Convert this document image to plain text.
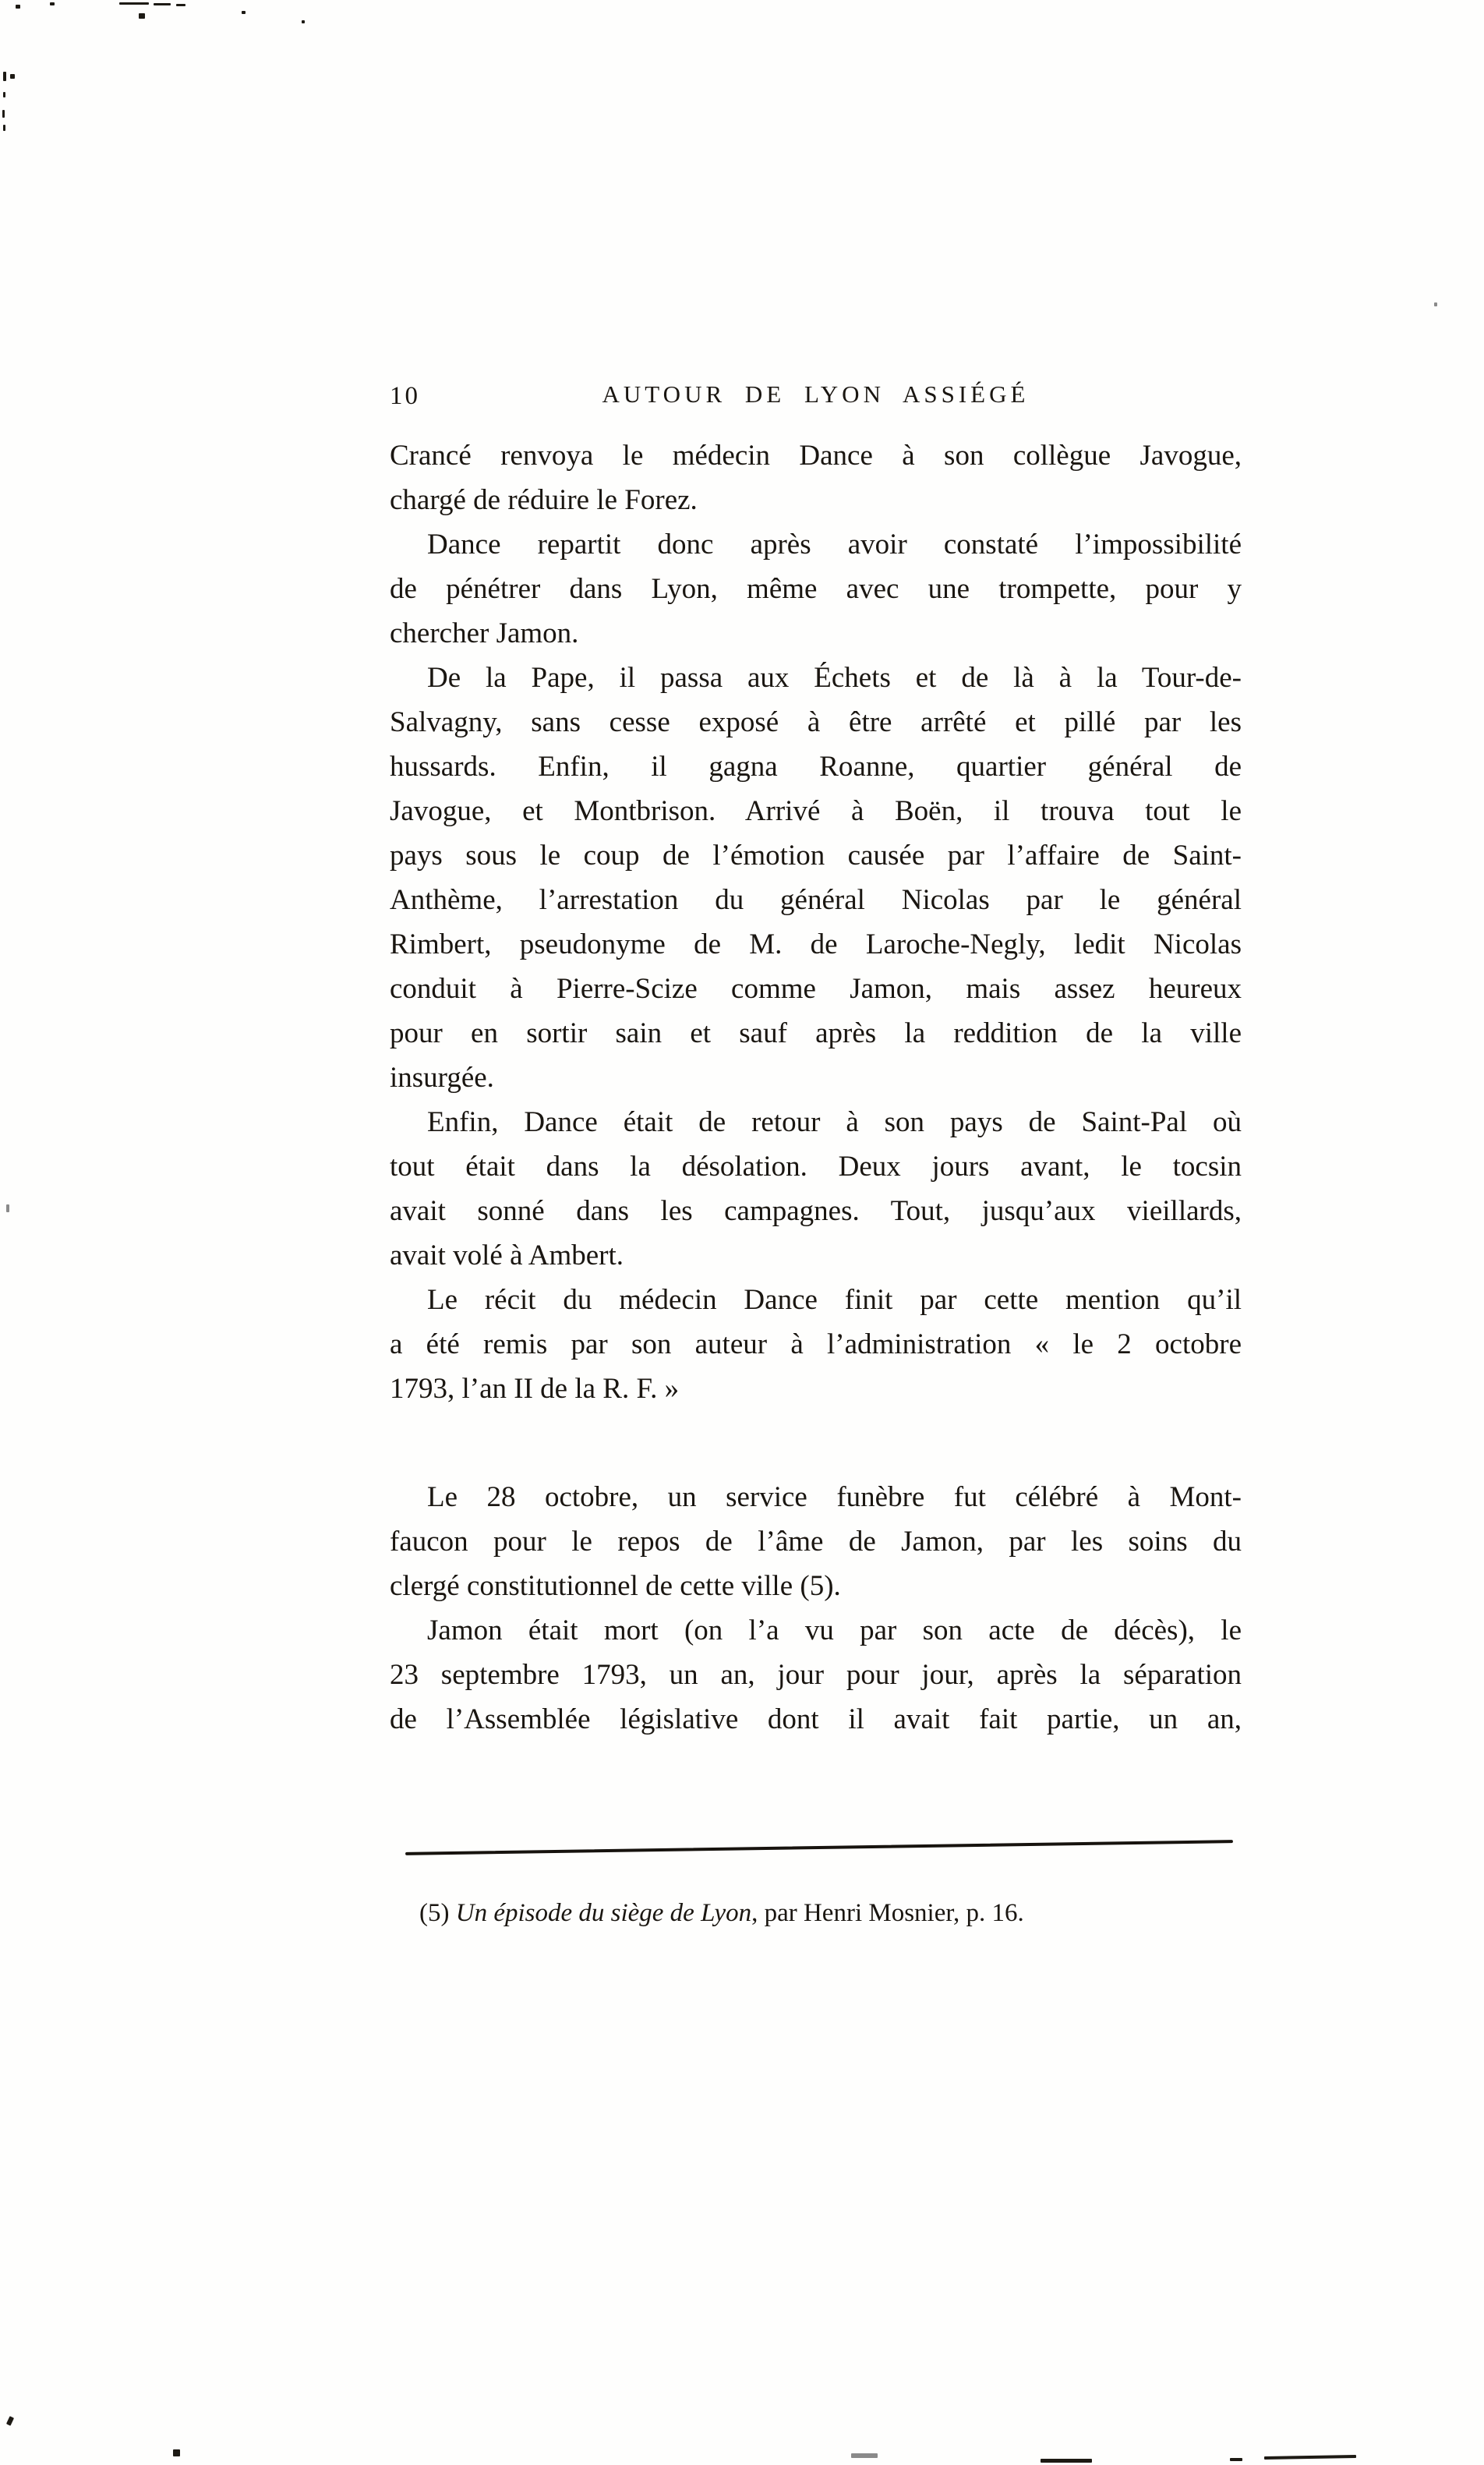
10	AUTOUR DE LYON ASSIÉGÉ
Crancé renvoya le médecin Dance à son collègue Javogue,
chargé de réduire le Forez.
Dance repartit donc après avoir constaté l’impossibilité
de pénétrer dans Lyon, même avec une trompette, pour y
chercher Jamon.
De la Pape, il passa aux Échets et de là à la Tour-de-
Salvagny, sans cesse exposé à être arrêté et pillé par les
hussards. Enfin, il gagna Roanne, quartier général de
Javogue, et Montbrison. Arrivé à Boën, il trouva tout le
pays sous le coup de l’émotion causée par l’affaire de Saint-
Anthème, l’arrestation du général Nicolas par le général
Rimbert, pseudonyme de M. de Laroche-Negly, ledit Nicolas
conduit à Pierre-Scize comme Jamon, mais assez heureux
pour en sortir sain et sauf après la reddition de la ville
insurgée.
Enfin, Dance était de retour à son pays de Saint-Pal où
tout était dans la désolation. Deux jours avant, le tocsin
avait sonné dans les campagnes. Tout, jusqu’aux vieillards,
avait volé à Ambert.
Le récit du médecin Dance finit par cette mention qu’il
a été remis par son auteur à l’administration « le 2 octobre
1793, l’an II de la R. F. »
Le 28 octobre, un service funèbre fut célébré à Mont-
faucon pour le repos de l’âme de Jamon, par les soins du
clergé constitutionnel de cette ville (5).
Jamon était mort (on l’a vu par son acte de décès), le
23 septembre 1793, un an, jour pour jour, après la séparation
de l’Assemblée législative dont il avait fait partie, un an,
(5) Un épisode du siège de Lyon, par Henri Mosnier, p. 16.
